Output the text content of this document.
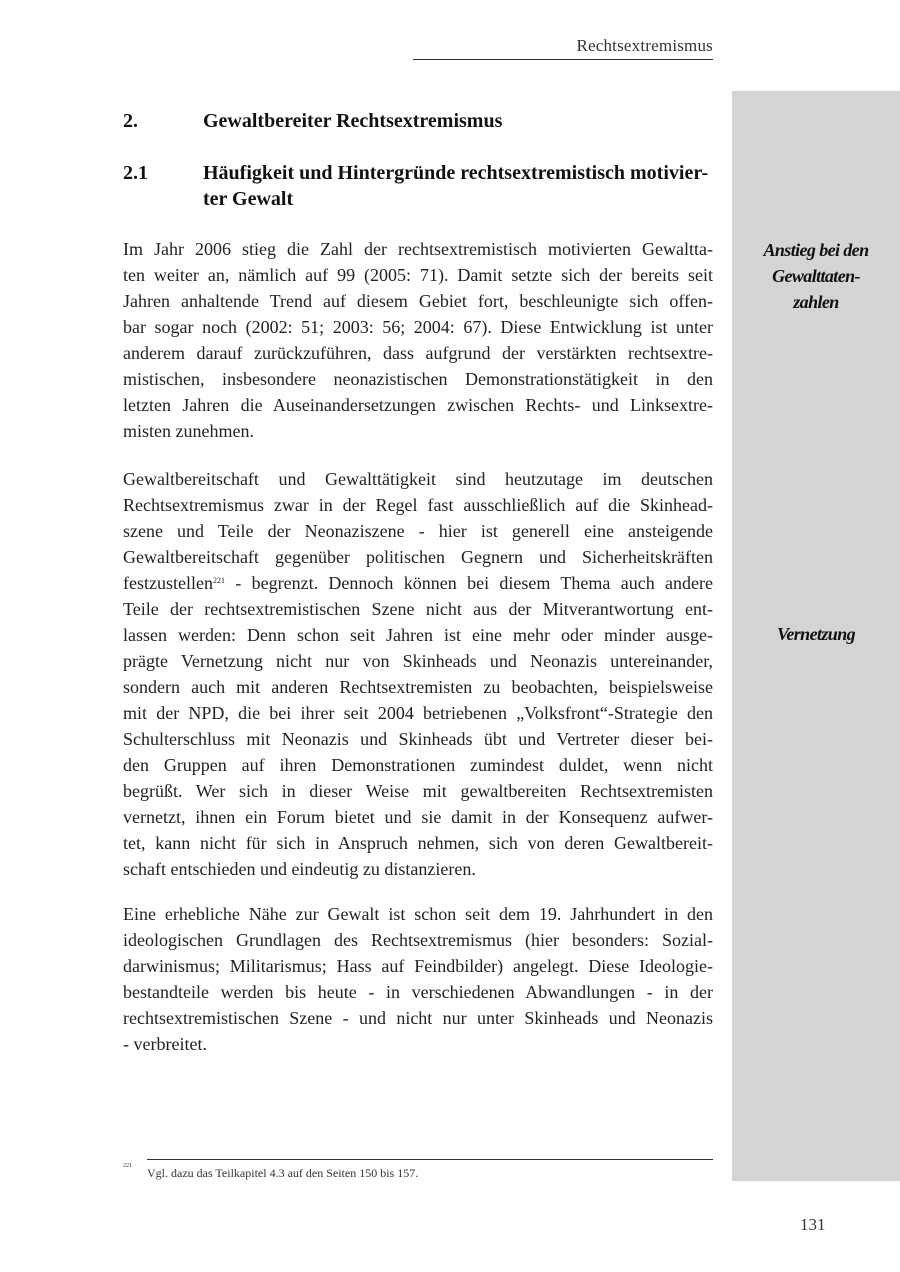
Rechtsextremismus
Anstieg bei den
Gewalttaten-
zahlen
Vernetzung
2.	Gewaltbereiter Rechtsextremismus
2.1	Häufigkeit und Hintergründe rechtsextremistisch motivier-
ter Gewalt

Im Jahr 2006 stieg die Zahl der rechtsextremistisch motivierten Gewaltta-
ten weiter an, nämlich auf 99 (2005: 71). Damit setzte sich der bereits seit
Jahren anhaltende Trend auf diesem Gebiet fort, beschleunigte sich offen-
bar sogar noch (2002: 51; 2003: 56; 2004: 67). Diese Entwicklung ist unter
anderem darauf zurückzuführen, dass aufgrund der verstärkten rechtsextre-
mistischen, insbesondere neonazistischen Demonstrationstätigkeit in den
letzten Jahren die Auseinandersetzungen zwischen Rechts- und Linksextre-
misten zunehmen.

Gewaltbereitschaft und Gewalttätigkeit sind heutzutage im deutschen
Rechtsextremismus zwar in der Regel fast ausschließlich auf die Skinhead-
szene und Teile der Neonaziszene - hier ist generell eine ansteigende
Gewaltbereitschaft gegenüber politischen Gegnern und Sicherheitskräften
festzustellen$^{221}$ - begrenzt. Dennoch können bei diesem Thema auch andere
Teile der rechtsextremistischen Szene nicht aus der Mitverantwortung ent-
lassen werden: Denn schon seit Jahren ist eine mehr oder minder ausge-
prägte Vernetzung nicht nur von Skinheads und Neonazis untereinander,
sondern auch mit anderen Rechtsextremisten zu beobachten, beispielsweise
mit der NPD, die bei ihrer seit 2004 betriebenen „Volksfront“-Strategie den
Schulterschluss mit Neonazis und Skinheads übt und Vertreter dieser bei-
den Gruppen auf ihren Demonstrationen zumindest duldet, wenn nicht
begrüßt. Wer sich in dieser Weise mit gewaltbereiten Rechtsextremisten
vernetzt, ihnen ein Forum bietet und sie damit in der Konsequenz aufwer-
tet, kann nicht für sich in Anspruch nehmen, sich von deren Gewaltbereit-
schaft entschieden und eindeutig zu distanzieren.

Eine erhebliche Nähe zur Gewalt ist schon seit dem 19. Jahrhundert in den
ideologischen Grundlagen des Rechtsextremismus (hier besonders: Sozial-
darwinismus; Militarismus; Hass auf Feindbilder) angelegt. Diese Ideologie-
bestandteile werden bis heute - in verschiedenen Abwandlungen - in der
rechtsextremistischen Szene - und nicht nur unter Skinheads und Neonazis
- verbreitet.

221 Vgl. dazu das Teilkapitel 4.3 auf den Seiten 150 bis 157.
131
